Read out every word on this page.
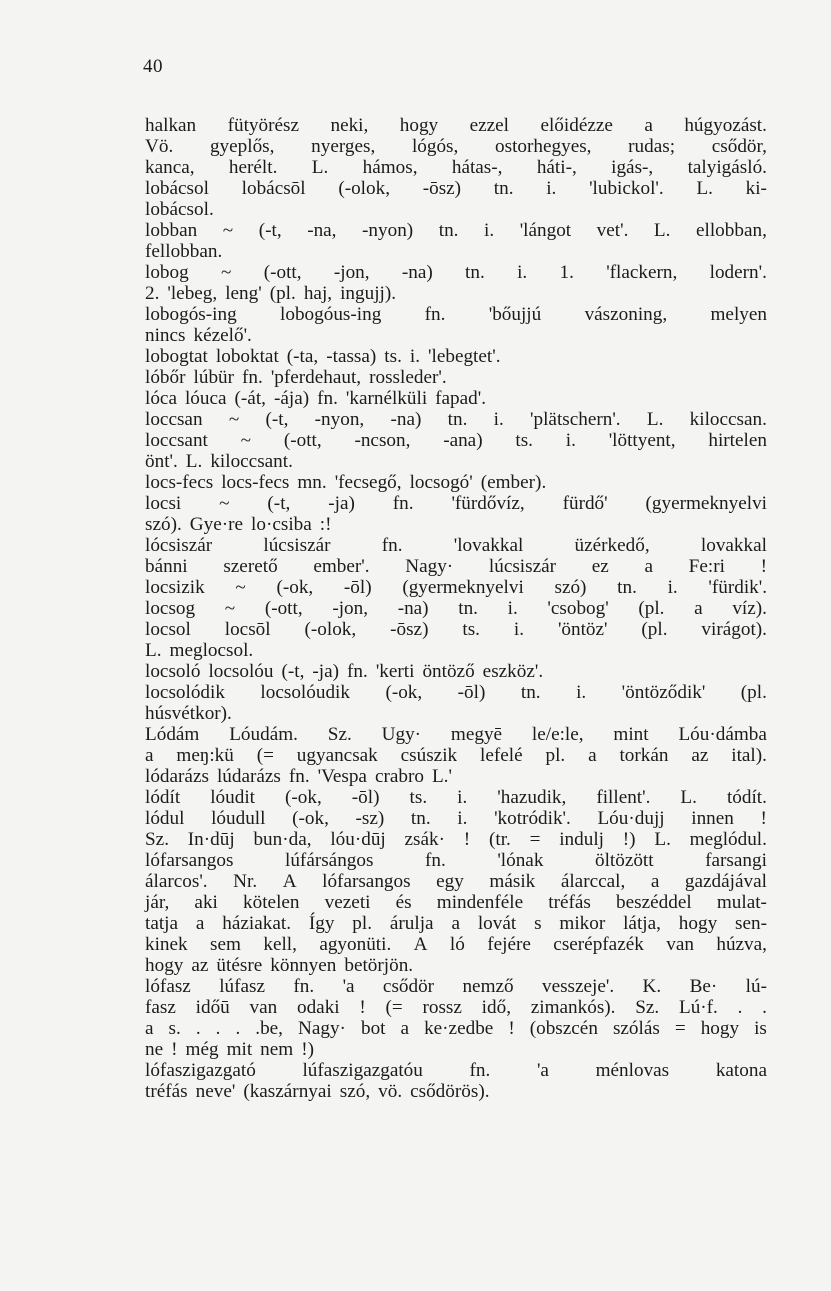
40
halkan fütyörész neki, hogy ezzel előidézze a húgyozást.
Vö. gyeplős, nyerges, lógós, ostorhegyes, rudas; csődör,
kanca, herélt. L. hámos, hátas-, háti-, igás-, talyigásló.
lobácsol lobácsōl (-olok, -ōsz) tn. i. 'lubickol'. L. ki-
lobácsol.
lobban ~ (-t, -na, -nyon) tn. i. 'lángot vet'. L. ellobban,
fellobban.
lobog ~ (-ott, -jon, -na) tn. i. 1. 'flackern, lodern'.
2. 'lebeg, leng' (pl. haj, ingujj).
lobogós-ing lobogóus-ing fn. 'bőujjú vászoning, melyen
nincs kézelő'.
lobogtat loboktat (-ta, -tassa) ts. i. 'lebegtet'.
lóbőr lúbür fn. 'pferdehaut, rossleder'.
lóca lóuca (-át, -ája) fn. 'karnélküli fapad'.
loccsan ~ (-t, -nyon, -na) tn. i. 'plätschern'. L. kiloccsan.
loccsant ~ (-ott, -ncson, -ana) ts. i. 'löttyent, hirtelen
önt'. L. kiloccsant.
locs-fecs locs-fecs mn. 'fecsegő, locsogó' (ember).
locsi ~ (-t, -ja) fn. 'fürdővíz, fürdő' (gyermeknyelvi
szó). Gye·re lo·csiba :!
lócsiszár	lúcsiszár	fn.	'lovakkal	üzérkedő,	lovakkal
bánni szerető ember'. Nagy· lúcsiszár ez a Fe:ri !
locsizik ~ (-ok, -ōl) (gyermeknyelvi szó) tn. i. 'fürdik'.
locsog ~ (-ott, -jon, -na) tn. i. 'csobog' (pl. a víz).
locsol locsōl (-olok, -ōsz) ts. i. 'öntöz' (pl. virágot).
L. meglocsol.
locsoló locsolóu (-t, -ja) fn. 'kerti öntöző eszköz'.
locsolódik locsolóudik (-ok, -ōl) tn. i. 'öntöződik' (pl.
húsvétkor).
Lódám Lóudám. Sz. Ugy· megyē le/e:le, mint Lóu·dámba
a meŋ:kü (= ugyancsak csúszik lefelé pl. a torkán az ital).
lódarázs lúdarázs fn. 'Vespa crabro L.'
lódít lóudit (-ok, -ōl) ts. i. 'hazudik, fillent'. L. tódít.
lódul lóudull (-ok, -sz) tn. i. 'kotródik'. Lóu·dujj innen !
Sz. In·dūj bun·da, lóu·dūj zsák· ! (tr. = indulj !) L. meglódul.
lófarsangos	lúfársángos	fn.	'lónak	öltözött	farsangi
álarcos'. Nr. A lófarsangos egy másik álarccal, a gazdájával
jár, aki kötelen vezeti és mindenféle tréfás beszéddel mulat-
tatja a háziakat. Így pl. árulja a lovát s mikor látja, hogy sen-
kinek sem kell, agyonüti. A ló fejére cserépfazék van húzva,
hogy az ütésre könnyen betörjön.
lófasz lúfasz fn. 'a csődör nemző vesszeje'. K. Be· lú-
fasz időū van odaki ! (= rossz idő, zimankós). Sz. Lú·f. . .
a s. . . . .be, Nagy· bot a ke·zedbe ! (obszcén szólás = hogy is
ne ! még mit nem !)
lófaszigazgató lúfaszigazgatóu fn. 'a ménlovas katona
tréfás neve' (kaszárnyai szó, vö. csődörös).
